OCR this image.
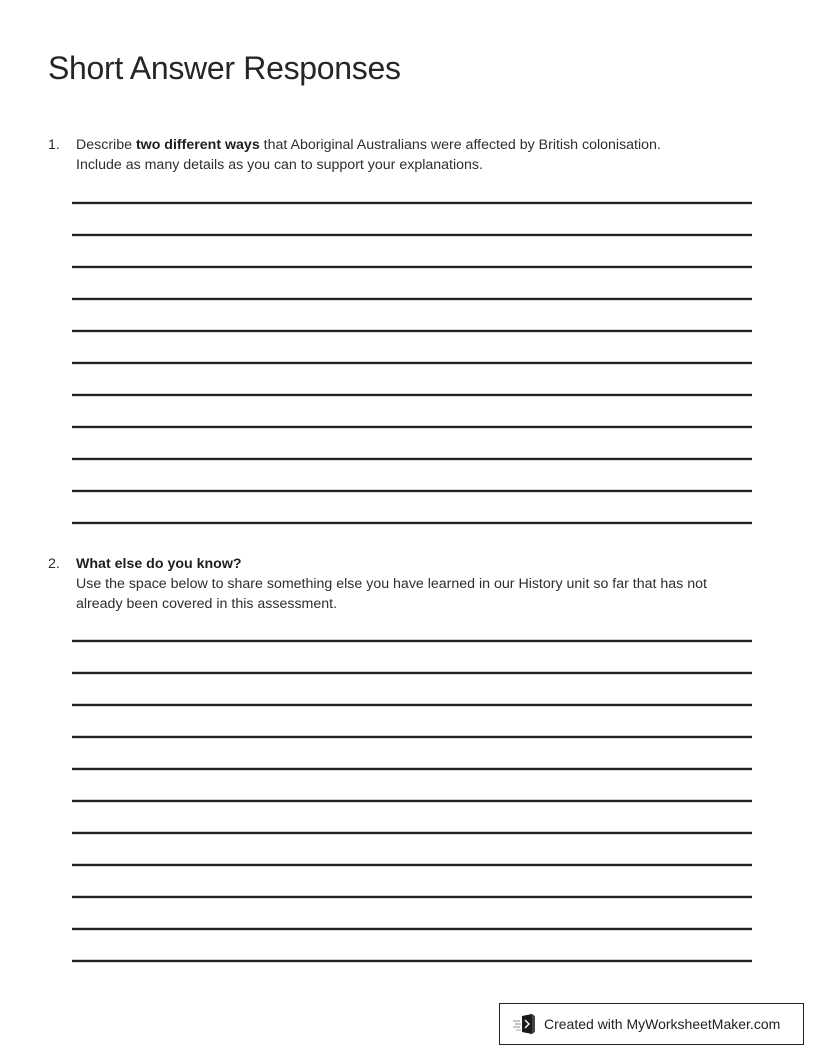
Short Answer Responses
1.	Describe two different ways that Aboriginal Australians were affected by British colonisation.
Include as many details as you can to support your explanations.
2.	What else do you know?
Use the space below to share something else you have learned in our History unit so far that has not
already been covered in this assessment.
Created with MyWorksheetMaker.com
